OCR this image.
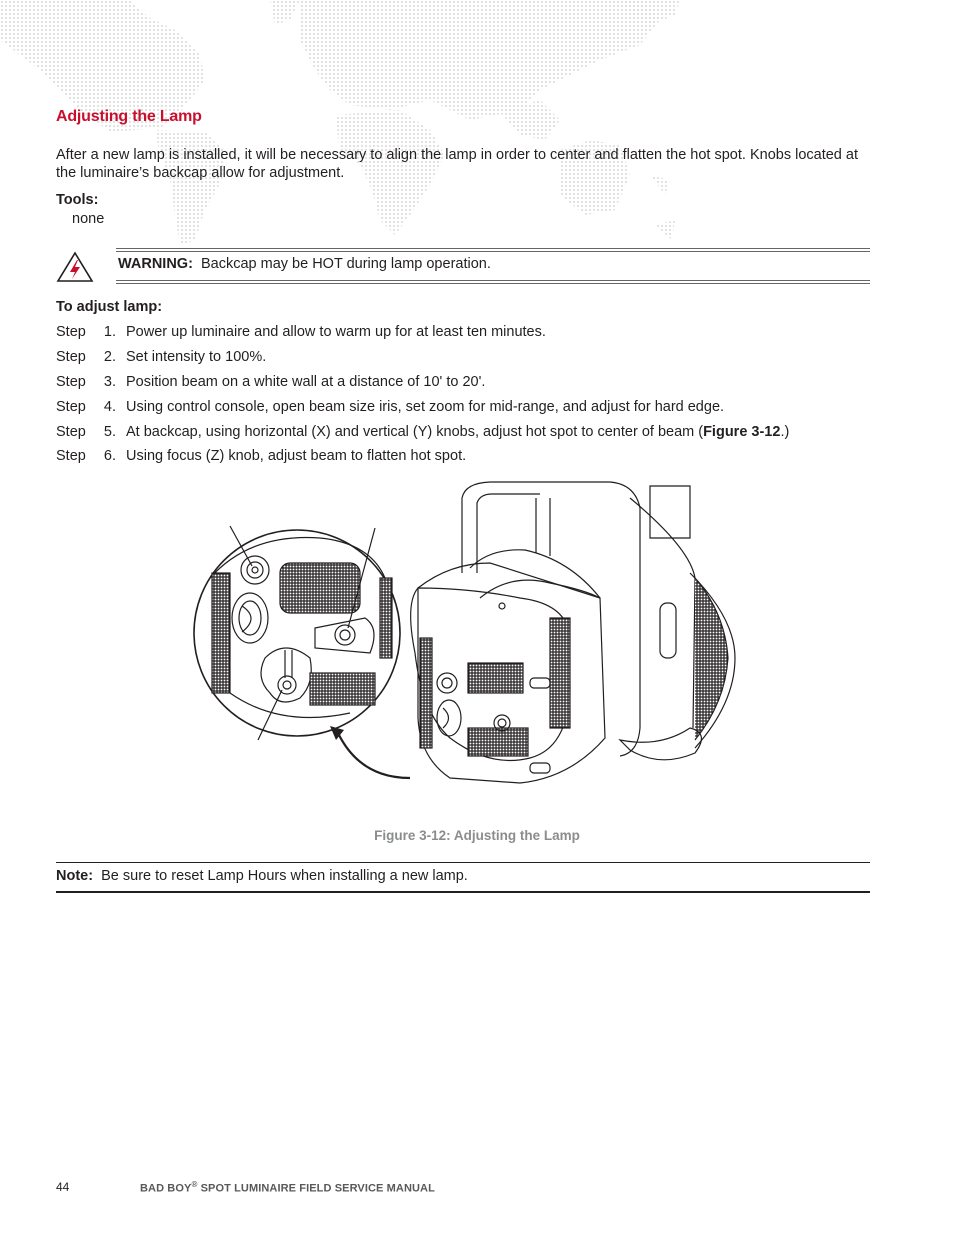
Adjusting the Lamp
After a new lamp is installed, it will be necessary to align the lamp in order to center and flatten the hot spot. Knobs located at the luminaire’s backcap allow for adjustment.
Tools:
none
WARNING: Backcap may be HOT during lamp operation.
To adjust lamp:
Step 1. Power up luminaire and allow to warm up for at least ten minutes.
Step 2. Set intensity to 100%.
Step 3. Position beam on a white wall at a distance of 10' to 20'.
Step 4. Using control console, open beam size iris, set zoom for mid-range, and adjust for hard edge.
Step 5. At backcap, using horizontal (X) and vertical (Y) knobs, adjust hot spot to center of beam (Figure 3-12.)
Step 6. Using focus (Z) knob, adjust beam to flatten hot spot.
Figure 3-12: Adjusting the Lamp
Note: Be sure to reset Lamp Hours when installing a new lamp.
44	BAD BOY® SPOT LUMINAIRE FIELD SERVICE MANUAL
